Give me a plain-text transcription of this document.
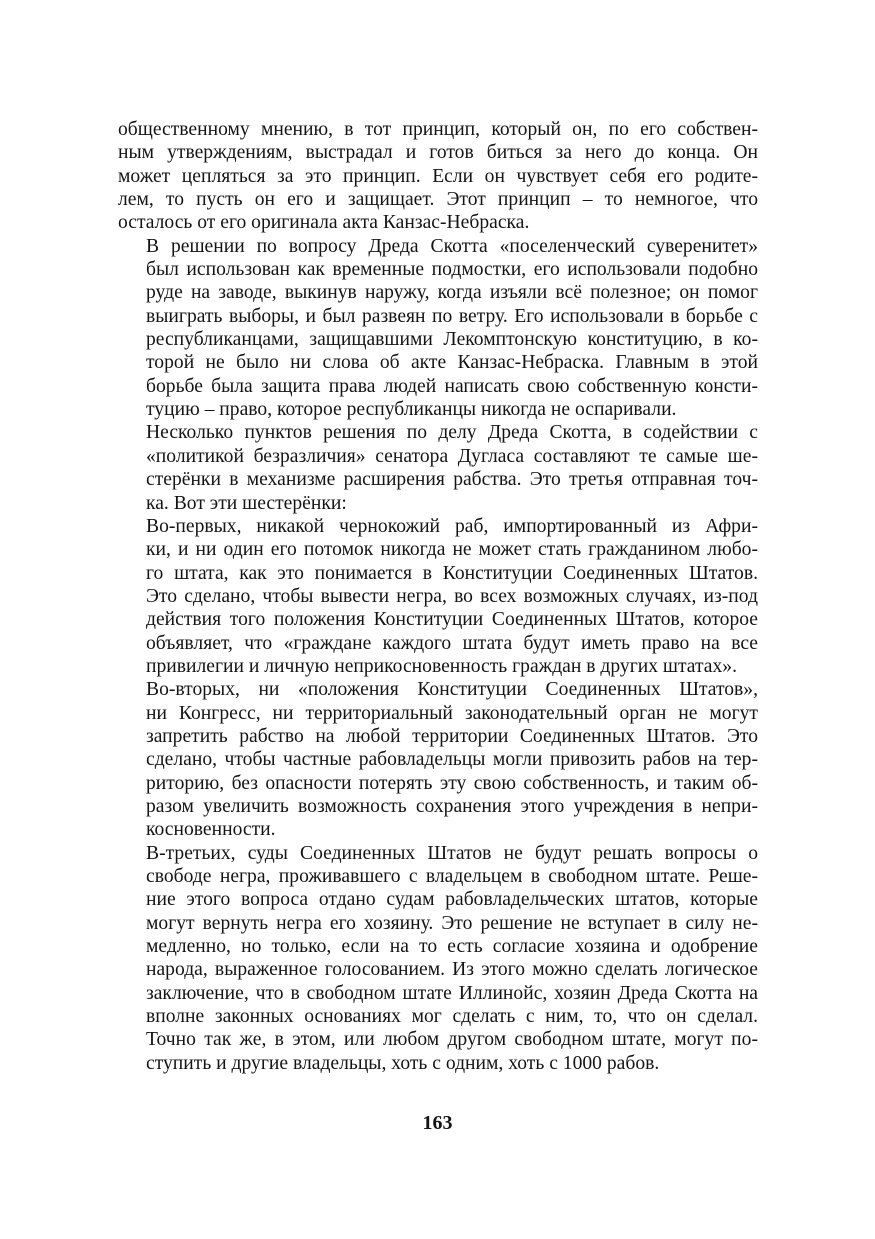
общественному мнению, в тот принцип, который он, по его собствен-
ным утверждениям, выстрадал и готов биться за него до конца. Он
может цепляться за это принцип. Если он чувствует себя его родите-
лем, то пусть он его и защищает. Этот принцип – то немногое, что
осталось от его оригинала акта Канзас-Небраска.

В решении по вопросу Дреда Скотта «поселенческий суверенитет»
был использован как временные подмостки, его использовали подобно
руде на заводе, выкинув наружу, когда изъяли всё полезное; он помог
выиграть выборы, и был развеян по ветру. Его использовали в борьбе с
республиканцами, защищавшими Лекомптонскую конституцию, в ко-
торой не было ни слова об акте Канзас-Небраска. Главным в этой
борьбе была защита права людей написать свою собственную консти-
туцию – право, которое республиканцы никогда не оспаривали.

Несколько пунктов решения по делу Дреда Скотта, в содействии с
«политикой безразличия» сенатора Дугласа составляют те самые ше-
стерёнки в механизме расширения рабства. Это третья отправная точ-
ка. Вот эти шестерёнки:

Во-первых, никакой чернокожий раб, импортированный из Афри-
ки, и ни один его потомок никогда не может стать гражданином любо-
го штата, как это понимается в Конституции Соединенных Штатов.
Это сделано, чтобы вывести негра, во всех возможных случаях, из-под
действия того положения Конституции Соединенных Штатов, которое
объявляет, что «граждане каждого штата будут иметь право на все
привилегии и личную неприкосновенность граждан в других штатах».

Во-вторых, ни «положения Конституции Соединенных Штатов»,
ни Конгресс, ни территориальный законодательный орган не могут
запретить рабство на любой территории Соединенных Штатов. Это
сделано, чтобы частные рабовладельцы могли привозить рабов на тер-
риторию, без опасности потерять эту свою собственность, и таким об-
разом увеличить возможность сохранения этого учреждения в непри-
косновенности.

В-третьих, суды Соединенных Штатов не будут решать вопросы о
свободе негра, проживавшего с владельцем в свободном штате. Реше-
ние этого вопроса отдано судам рабовладельческих штатов, которые
могут вернуть негра его хозяину. Это решение не вступает в силу не-
медленно, но только, если на то есть согласие хозяина и одобрение
народа, выраженное голосованием. Из этого можно сделать логическое
заключение, что в свободном штате Иллинойс, хозяин Дреда Скотта на
вполне законных основаниях мог сделать с ним, то, что он сделал.
Точно так же, в этом, или любом другом свободном штате, могут по-
ступить и другие владельцы, хоть с одним, хоть с 1000 рабов.

163
